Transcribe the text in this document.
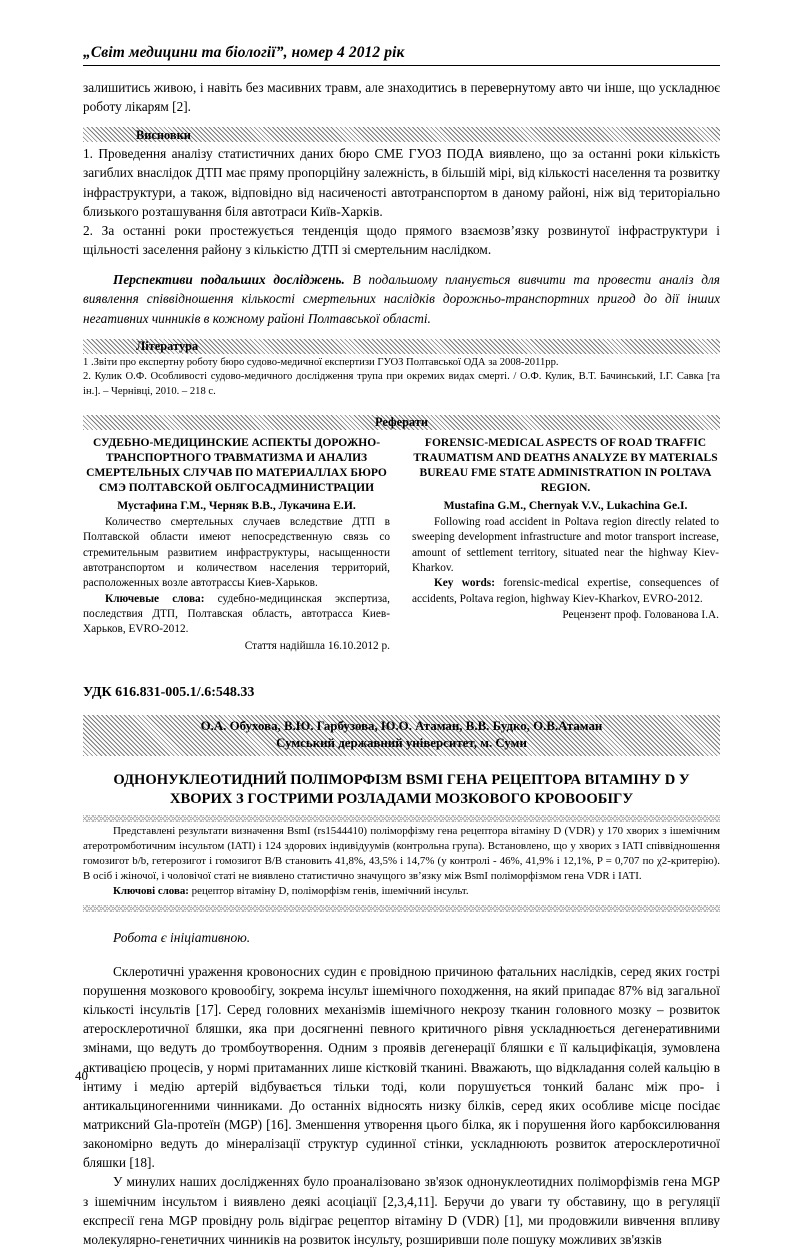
„Світ медицини та біології”, номер 4 2012 рік

залишитись живою, і навіть без масивних травм, але знаходитись в перевернутому авто чи інше, що ускладнює роботу лікарям [2].

Висновки

1. Проведення аналізу статистичних даних бюро СМЕ ГУОЗ ПОДА виявлено, що за останні роки кількість загиблих внаслідок ДТП має пряму пропорційну залежність, в більшій мірі, від кількості населення та розвитку інфраструктури, а також, відповідно від насиченості автотранспортом в даному районі, ніж від територіально близького розташування біля автотраси Київ-Харків.

2. За останні роки простежується тенденція щодо прямого взаємозв’язку розвинутої інфраструктури і щільності заселення району з кількістю ДТП зі смертельним наслідком.

Перспективи подальших досліджень. В подальшому планується вивчити та провести аналіз для виявлення співвідношення кількості смертельних наслідків дорожньо-транспортних пригод до дії інших негативних чинників в кожному районі Полтавської області.
Література

1 .Звіти про експертну роботу бюро судово-медичної експертизи ГУОЗ Полтавської ОДА за 2008-2011рр.

2. Кулик О.Ф. Особливості судово-медичного дослідження трупа при окремих видах смерті. / О.Ф. Кулик, В.Т. Бачинський, І.Г. Савка [та ін.]. – Чернівці, 2010. – 218 с.

Реферати
СУДЕБНО-МЕДИЦИНСКИЕ АСПЕКТЫ ДОРОЖНО-ТРАНСПОРТНОГО ТРАВМАТИЗМА И АНАЛИЗ СМЕРТЕЛЬНЫХ СЛУЧАВ ПО МАТЕРИАЛЛАХ БЮРО СМЭ ПОЛТАВСКОЙ ОБЛГОСАДМИНИСТРАЦИИ
Мустафина Г.М., Черняк В.В., Лукачина Е.И.

Количество смертельных случаев вследствие ДТП в Полтавской области имеют непосредственную связь со стремительным развитием инфраструктуры, насыщенности автотранспортом и количеством населения территорий, расположенных возле автотрассы Киев-Харьков.

Ключевые слова: судебно-медицинская экспертиза, последствия ДТП, Полтавская область, автотрасса Киев-Харьков, EVRO-2012.

Стаття надійшла 16.10.2012 р.
FORENSIC-MEDICAL ASPECTS OF ROAD TRAFFIC TRAUMATISM AND DEATHS ANALYZE BY MATERIALS BUREAU FME STATE ADMINISTRATION IN POLTAVA REGION.
Mustafina G.M., Chernyak V.V., Lukachina Ge.I.

Following road accident in Poltava region directly related to sweeping development infrastructure and motor transport increase, amount of settlement territory, situated near the highway Kiev-Kharkov.

Key words: forensic-medical expertise, consequences of accidents, Poltava region, highway Kiev-Kharkov, EVRO-2012.

Рецензент проф. Голованова І.А.
УДК 616.831-005.1/.6:548.33
О.А. Обухова, В.Ю. Гарбузова, Ю.О. Атаман, В.В. Будко, О.В.Атаман
Сумський державний університет, м. Суми
ОДНОНУКЛЕОТИДНИЙ ПОЛІМОРФІЗМ BSMI ГЕНА РЕЦЕПТОРА ВІТАМІНУ D У ХВОРИХ З ГОСТРИМИ РОЗЛАДАМИ МОЗКОВОГО КРОВООБІГУ

Представлені результати визначення BsmI (rs1544410) поліморфізму гена рецептора вітаміну D (VDR) у 170 хворих з ішемічним атеротромботичним інсультом (ІАТІ) і 124 здорових індивідуумів (контрольна група). Встановлено, що у хворих з ІАТІ співвідношення гомозигот b/b, гетерозигот і гомозигот B/B становить 41,8%, 43,5% і 14,7% (у контролі - 46%, 41,9% і 12,1%, P = 0,707 по χ2-критерію). В осіб і жіночої, і чоловічої статі не виявлено статистично значущого зв’язку між BsmI поліморфізмом гена VDR і ІАТІ.

Ключові слова: рецептор вітаміну D, поліморфізм генів, ішемічний інсульт.

Робота є ініціативною.

Склеротичні ураження кровоносних судин є провідною причиною фатальних наслідків, серед яких гострі порушення мозкового кровообігу, зокрема інсульт ішемічного походження, на який припадає 87% від загальної кількості інсультів [17]. Серед головних механізмів ішемічного некрозу тканин головного мозку – розвиток атеросклеротичної бляшки, яка при досягненні певного критичного рівня ускладнюється дегенеративними змінами, що ведуть до тромбоутворення. Одним з проявів дегенерації бляшки є її кальцифікація, зумовлена активацією процесів, у нормі притаманних лише кістковій тканині. Вважають, що відкладання солей кальцію в інтиму і медію артерій відбувається тільки тоді, коли порушується тонкий баланс між про- і антикальциногенними чинниками. До останніх відносять низку білків, серед яких особливе місце посідає матриксний Gla-протеїн (MGP) [16]. Зменшення утворення цього білка, як і порушення його карбоксилювання закономірно ведуть до мінералізації структур судинної стінки, ускладнюють розвиток атеросклеротичної бляшки [18].

У минулих наших дослідженнях було проаналізовано зв'язок однонуклеотидних поліморфізмів гена MGP з ішемічним інсультом і виявлено деякі асоціації [2,3,4,11]. Беручи до уваги ту обставину, що в регуляції експресії гена MGP провідну роль відіграє рецептор вітаміну D (VDR) [1], ми продовжили вивчення впливу молекулярно-генетичних чинників на розвиток інсульту, розширивши поле пошуку можливих зв'язків

40
